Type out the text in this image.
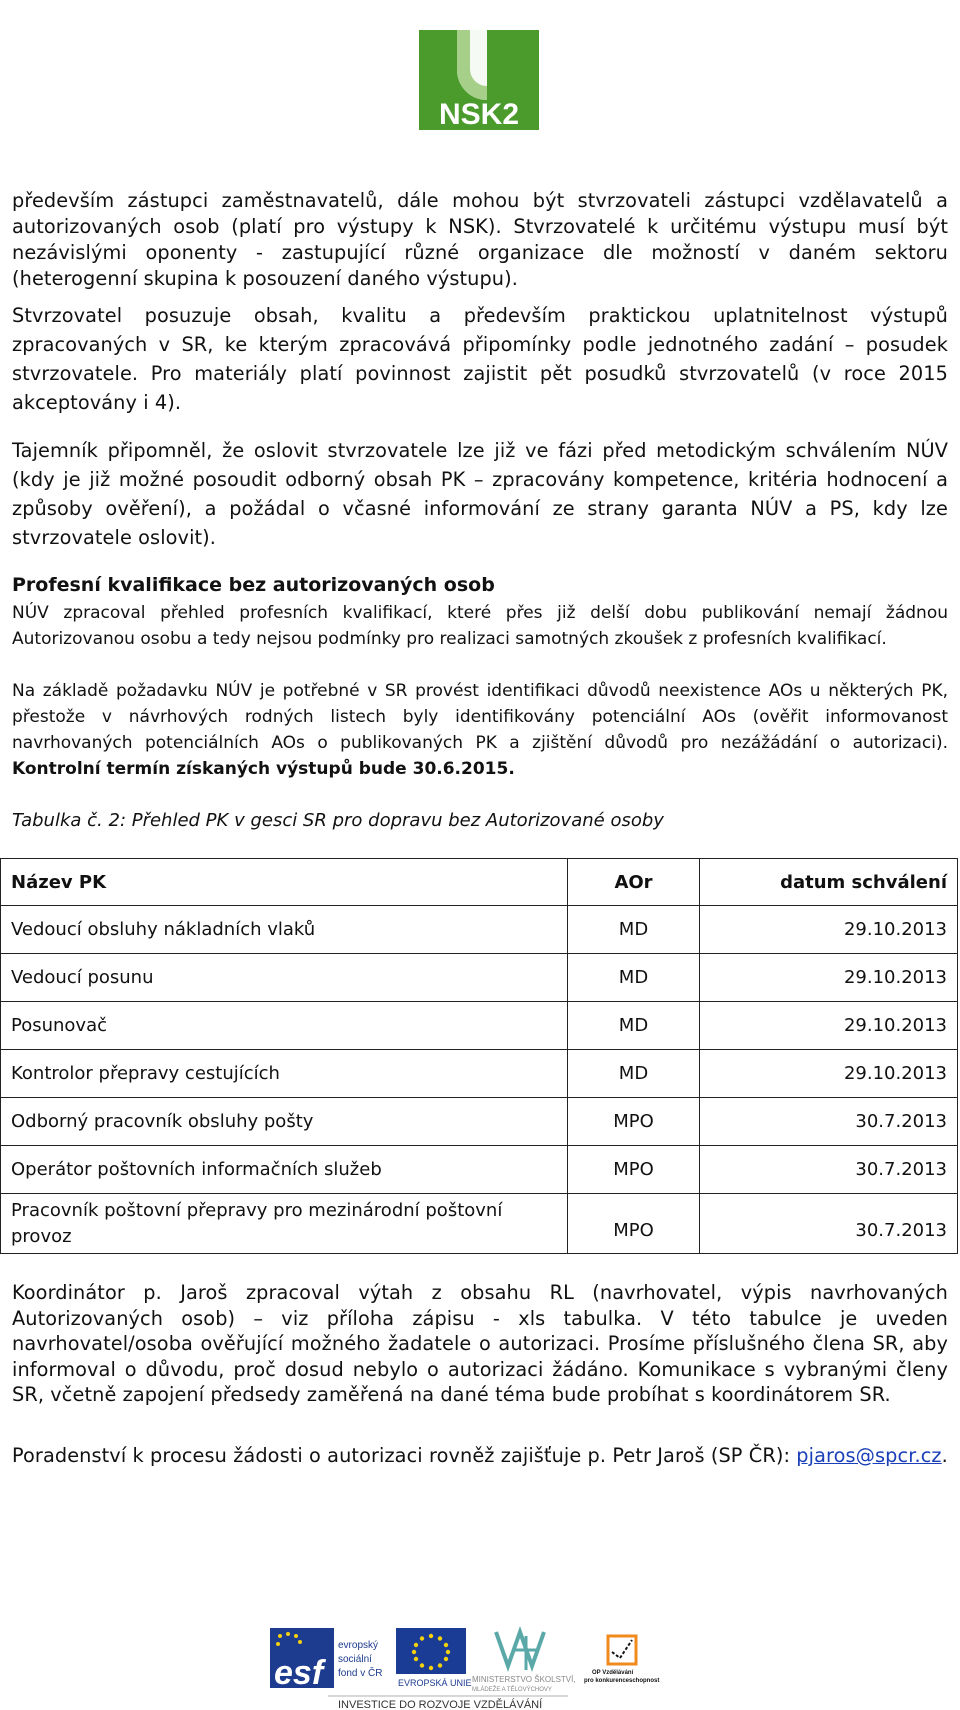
NSK2
především zástupci zaměstnavatelů, dále mohou být stvrzovateli zástupci vzdělavatelů a autorizovaných osob (platí pro výstupy k NSK). Stvrzovatelé k určitému výstupu musí být nezávislými oponenty - zastupující různé organizace dle možností v daném sektoru (heterogenní skupina k posouzení daného výstupu).
Stvrzovatel posuzuje obsah, kvalitu a především praktickou uplatnitelnost výstupů zpracovaných v SR, ke kterým zpracovává připomínky podle jednotného zadání – posudek stvrzovatele. Pro materiály platí povinnost zajistit pět posudků stvrzovatelů (v roce 2015 akceptovány i 4).
Tajemník připomněl, že oslovit stvrzovatele lze již ve fázi před metodickým schválením NÚV (kdy je již možné posoudit odborný obsah PK – zpracovány kompetence, kritéria hodnocení a způsoby ověření), a požádal o včasné informování ze strany garanta NÚV a PS, kdy lze stvrzovatele oslovit).
Profesní kvalifikace bez autorizovaných osob
NÚV zpracoval přehled profesních kvalifikací, které přes již delší dobu publikování nemají žádnou Autorizovanou osobu a tedy nejsou podmínky pro realizaci samotných zkoušek z profesních kvalifikací.
Na základě požadavku NÚV je potřebné v SR provést identifikaci důvodů neexistence AOs u některých PK, přestože v návrhových rodných listech byly identifikovány potenciální AOs (ověřit informovanost navrhovaných potenciálních AOs o publikovaných PK a zjištění důvodů pro nezážádání o autorizaci). Kontrolní termín získaných výstupů bude 30.6.2015.
Tabulka č. 2: Přehled PK v gesci SR pro dopravu bez Autorizované osoby
Název PK	AOr	datum schválení
Vedoucí obsluhy nákladních vlaků	MD	29.10.2013
Vedoucí posunu	MD	29.10.2013
Posunovač	MD	29.10.2013
Kontrolor přepravy cestujících	MD	29.10.2013
Odborný pracovník obsluhy pošty	MPO	30.7.2013
Operátor poštovních informačních služeb	MPO	30.7.2013
Pracovník poštovní přepravy pro mezinárodní poštovní provoz	MPO	30.7.2013
Koordinátor p. Jaroš zpracoval výtah z obsahu RL (navrhovatel, výpis navrhovaných Autorizovaných osob) – viz příloha zápisu - xls tabulka. V této tabulce je uveden navrhovatel/osoba ověřující možného žadatele o autorizaci. Prosíme příslušného člena SR, aby informoval o důvodu, proč dosud nebylo o autorizaci žádáno. Komunikace s vybranými členy SR, včetně zapojení předsedy zaměřená na dané téma bude probíhat s koordinátorem SR.
Poradenství k procesu žádosti o autorizaci rovněž zajišťuje p. Petr Jaroš (SP ČR): pjaros@spcr.cz.
esf
evropský
sociální
fond v ČR
EVROPSKÁ UNIE MINISTERSTVO ŠKOLSTVÍ,
MLÁDEŽE A TĚLOVÝCHOVY
OP Vzdělávání
pro konkurenceschopnost
INVESTICE DO ROZVOJE VZDĚLÁVÁNÍ
